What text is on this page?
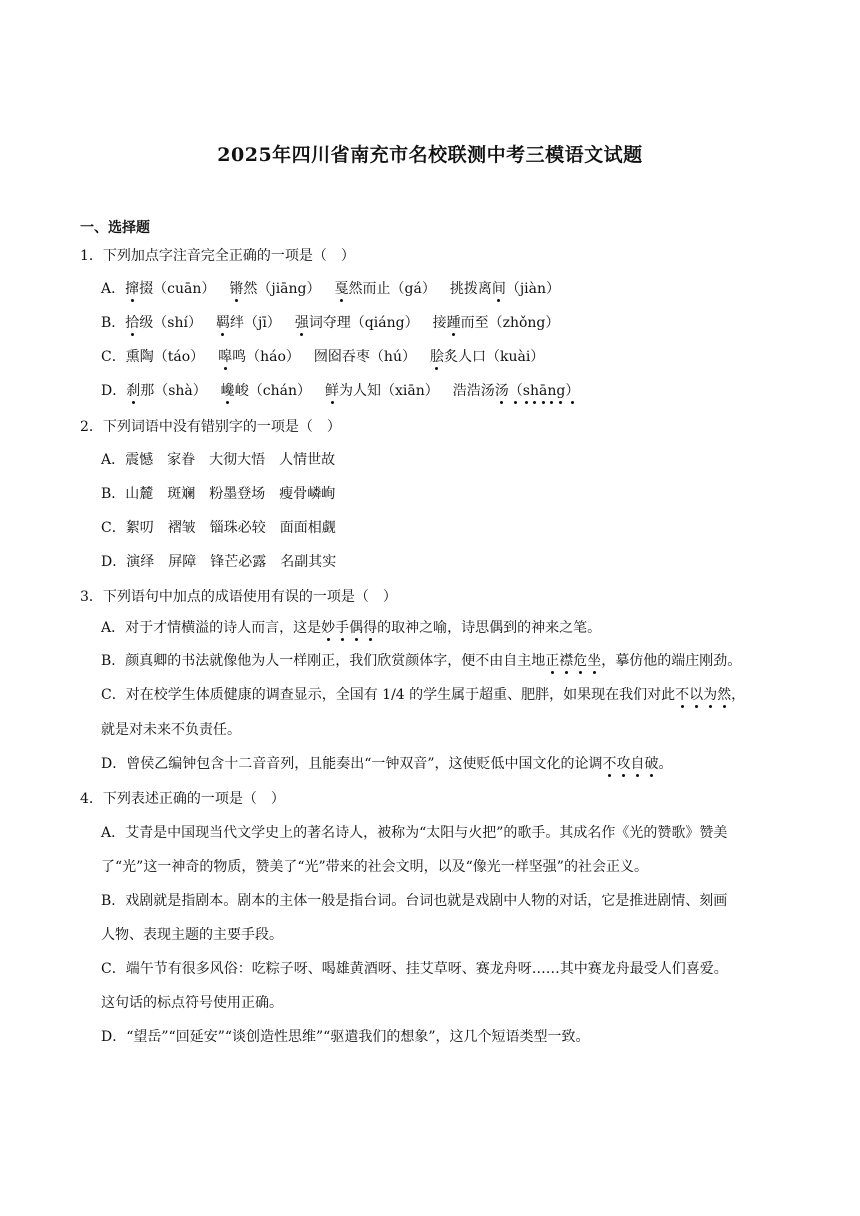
2025年四川省南充市名校联测中考三模语文试题
一、选择题
1．下列加点字注音完全正确的一项是（　）
A．撺掇（cuān） 锵然（jiāng） 戛然而止（gá） 挑拨离间（jiàn）
B．拾级（shí） 羁绊（jī） 强词夺理（qiáng） 接踵而至（zhǒng）
C．熏陶（táo） 嗥鸣（háo） 囫囵吞枣（hú） 脍炙人口（kuài）
D．刹那（shà） 巉峻（chán） 鲜为人知（xiān） 浩浩汤汤（shāng）
2．下列词语中没有错别字的一项是（　）
A．震憾　家眷　大彻大悟　人情世故
B．山麓　斑斓　粉墨登场　瘦骨嶙峋
C．絮叨　褶皱　锱珠必较　面面相觑
D．演绎　屏障　锋芒必露　名副其实
3．下列语句中加点的成语使用有误的一项是（　）
A．对于才情横溢的诗人而言，这是妙手偶得的取神之喻，诗思偶到的神来之笔。
B．颜真卿的书法就像他为人一样刚正，我们欣赏颜体字，便不由自主地正襟危坐，摹仿他的端庄刚劲。
C．对在校学生体质健康的调查显示，全国有 1/4 的学生属于超重、肥胖，如果现在我们对此不以为然，
就是对未来不负责任。
D．曾侯乙编钟包含十二音音列，且能奏出“一钟双音”，这使贬低中国文化的论调不攻自破。
4．下列表述正确的一项是（　）
A．艾青是中国现当代文学史上的著名诗人，被称为“太阳与火把”的歌手。其成名作《光的赞歌》赞美
了“光”这一神奇的物质，赞美了“光”带来的社会文明，以及“像光一样坚强”的社会正义。
B．戏剧就是指剧本。剧本的主体一般是指台词。台词也就是戏剧中人物的对话，它是推进剧情、刻画
人物、表现主题的主要手段。
C．端午节有很多风俗：吃粽子呀、喝雄黄酒呀、挂艾草呀、赛龙舟呀……其中赛龙舟最受人们喜爱。
这句话的标点符号使用正确。
D．“望岳”“回延安”“谈创造性思维”“驱遣我们的想象”，这几个短语类型一致。
